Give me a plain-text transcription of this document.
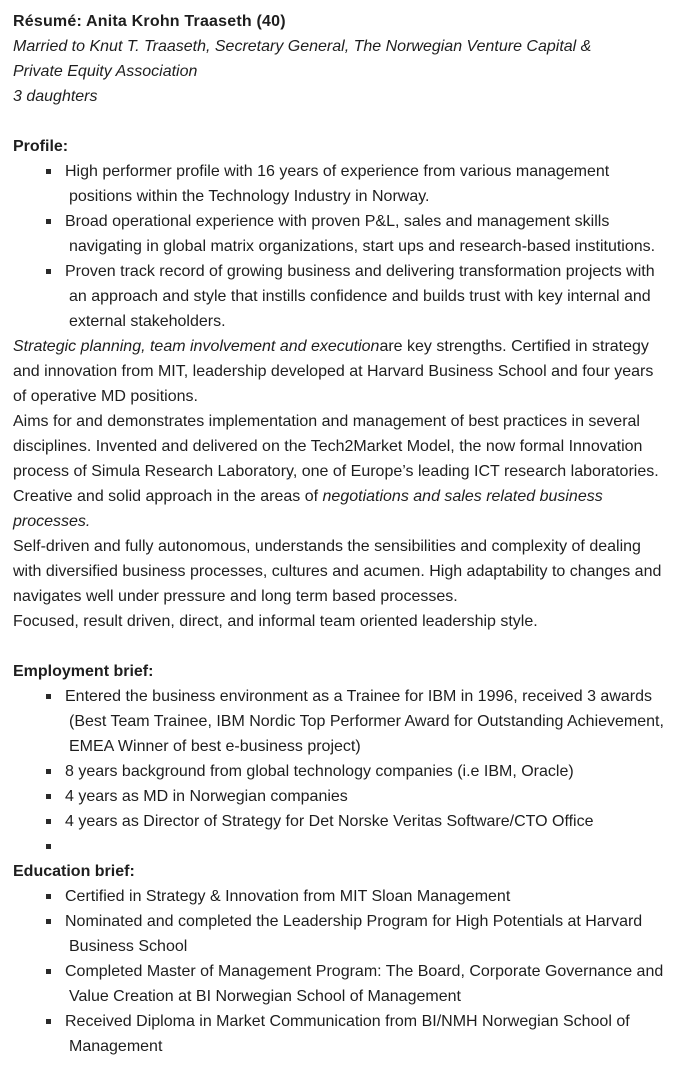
Résumé: Anita Krohn Traaseth (40)
Married to Knut T. Traaseth, Secretary General, The Norwegian Venture Capital &
Private Equity Association
3 daughters
Profile:
High performer profile with 16 years of experience from various management positions within the Technology Industry in Norway.
Broad operational experience with proven P&L, sales and management skills navigating in global matrix organizations, start ups and research-based institutions.
Proven track record of growing business and delivering transformation projects with an approach and style that instills confidence and builds trust with key internal and external stakeholders.

Strategic planning, team involvement and executionare key strengths. Certified in strategy and innovation from MIT, leadership developed at Harvard Business School and four years of operative MD positions.

Aims for and demonstrates implementation and management of best practices in several disciplines. Invented and delivered on the Tech2Market Model, the now formal Innovation process of Simula Research Laboratory, one of Europe’s leading ICT research laboratories. Creative and solid approach in the areas of negotiations and sales related business processes.

Self-driven and fully autonomous, understands the sensibilities and complexity of dealing with diversified business processes, cultures and acumen. High adaptability to changes and navigates well under pressure and long term based processes.

Focused, result driven, direct, and informal team oriented leadership style.

Employment brief:
Entered the business environment as a Trainee for IBM in 1996, received 3 awards (Best Team Trainee, IBM Nordic Top Performer Award for Outstanding Achievement, EMEA Winner of best e-business project)
8 years background from global technology companies (i.e IBM, Oracle)
4 years as MD in Norwegian companies
4 years as Director of Strategy for Det Norske Veritas Software/CTO Office
Education brief:
Certified in Strategy & Innovation from MIT Sloan Management
Nominated and completed the Leadership Program for High Potentials at Harvard Business School
Completed Master of Management Program: The Board, Corporate Governance and Value Creation at BI Norwegian School of Management
Received Diploma in Market Communication from BI/NMH Norwegian School of Management
